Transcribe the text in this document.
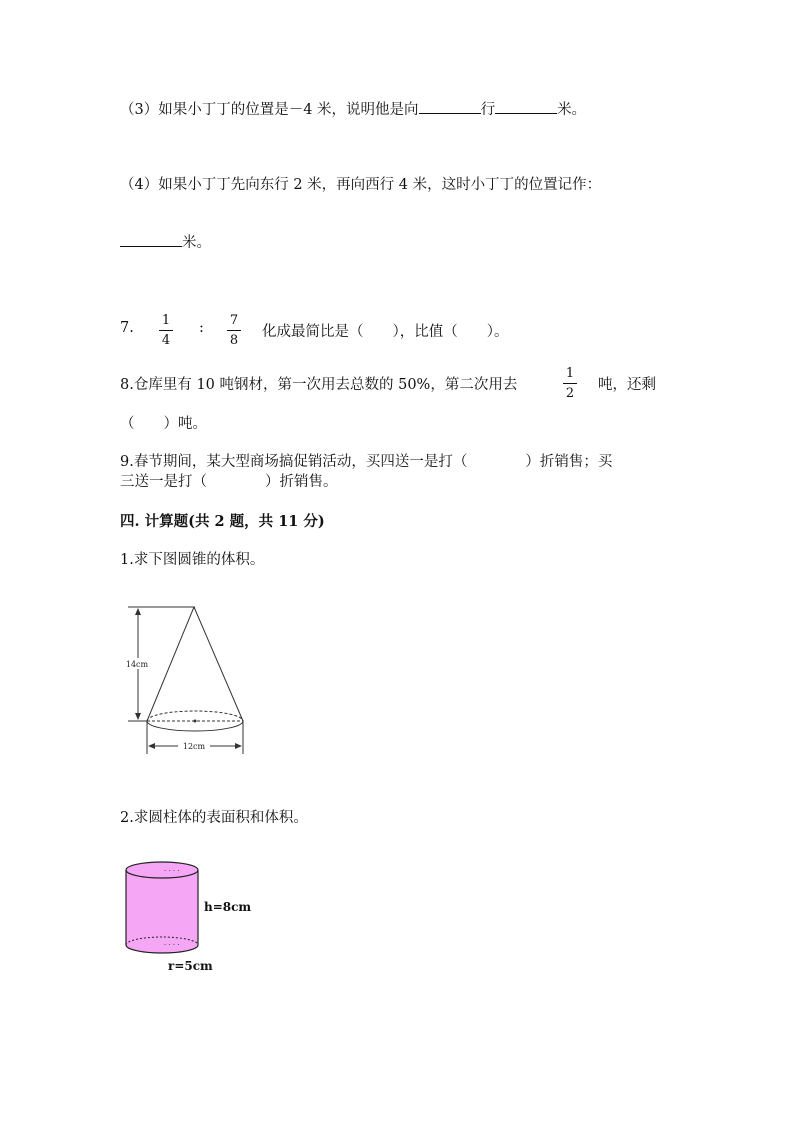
（3）如果小丁丁的位置是－4 米，说明他是向	行	米。
（4）如果小丁丁先向东行 2 米，再向西行 4 米，这时小丁丁的位置记作：
米。
7. 1
4
: 7
8
化成最简比是（　　），比值（　　）。
8.仓库里有 10 吨钢材，第一次用去总数的 50%，第二次用去
1
2
吨，还剩
（　　）吨。
9.春节期间，某大型商场搞促销活动，买四送一是打（　　　　）折销售；买
三送一是打（　　　　）折销售。
四. 计算题(共 2 题，共 11 分)
1.求下图圆锥的体积。
12cm
14cm
2.求圆柱体的表面积和体积。
· · · ·
· · · ·
h=8cm
r=5cm
